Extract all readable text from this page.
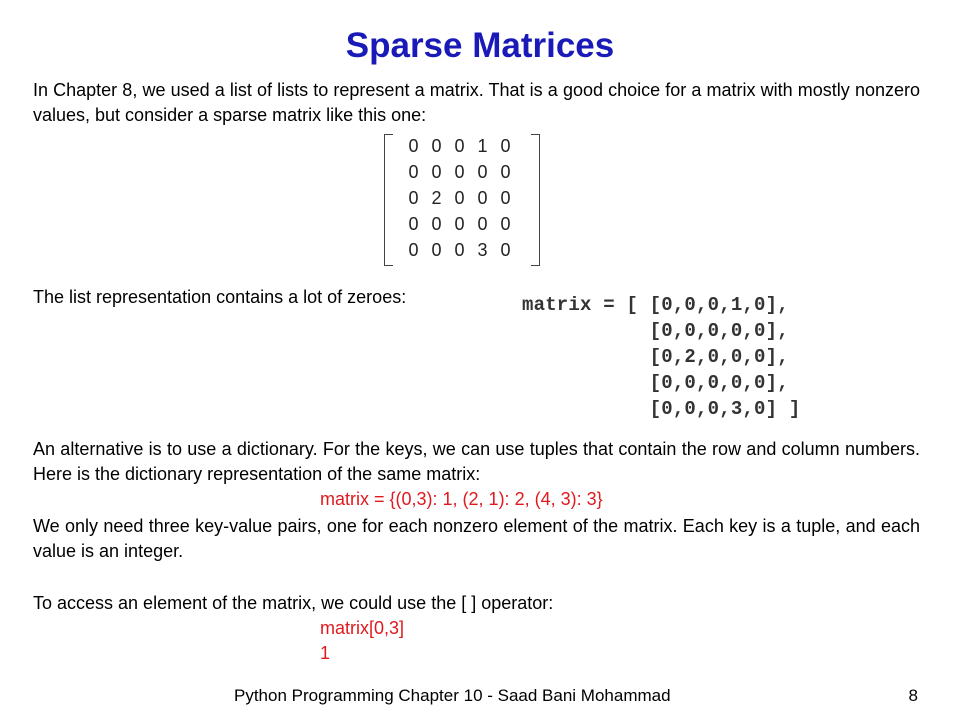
Sparse Matrices
In Chapter 8, we used a list of lists to represent a matrix. That is a good choice for a matrix with mostly nonzero values, but consider a sparse matrix like this one:
0 0 0 1 0
0 0 0 0 0
0 2 0 0 0
0 0 0 0 0
0 0 0 3 0
The list representation contains a lot of zeroes:	matrix = [ [0,0,0,1,0],
[0,0,0,0,0],
[0,2,0,0,0],
[0,0,0,0,0],
[0,0,0,3,0] ]
An alternative is to use a dictionary. For the keys, we can use tuples that contain the row and column numbers. Here is the dictionary representation of the same matrix:
matrix = {(0,3): 1, (2, 1): 2, (4, 3): 3}
We only need three key-value pairs, one for each nonzero element of the matrix. Each key is a tuple, and each value is an integer.
To access an element of the matrix, we could use the [ ] operator:
matrix[0,3]
1
Python Programming Chapter 10 - Saad Bani Mohammad	8
